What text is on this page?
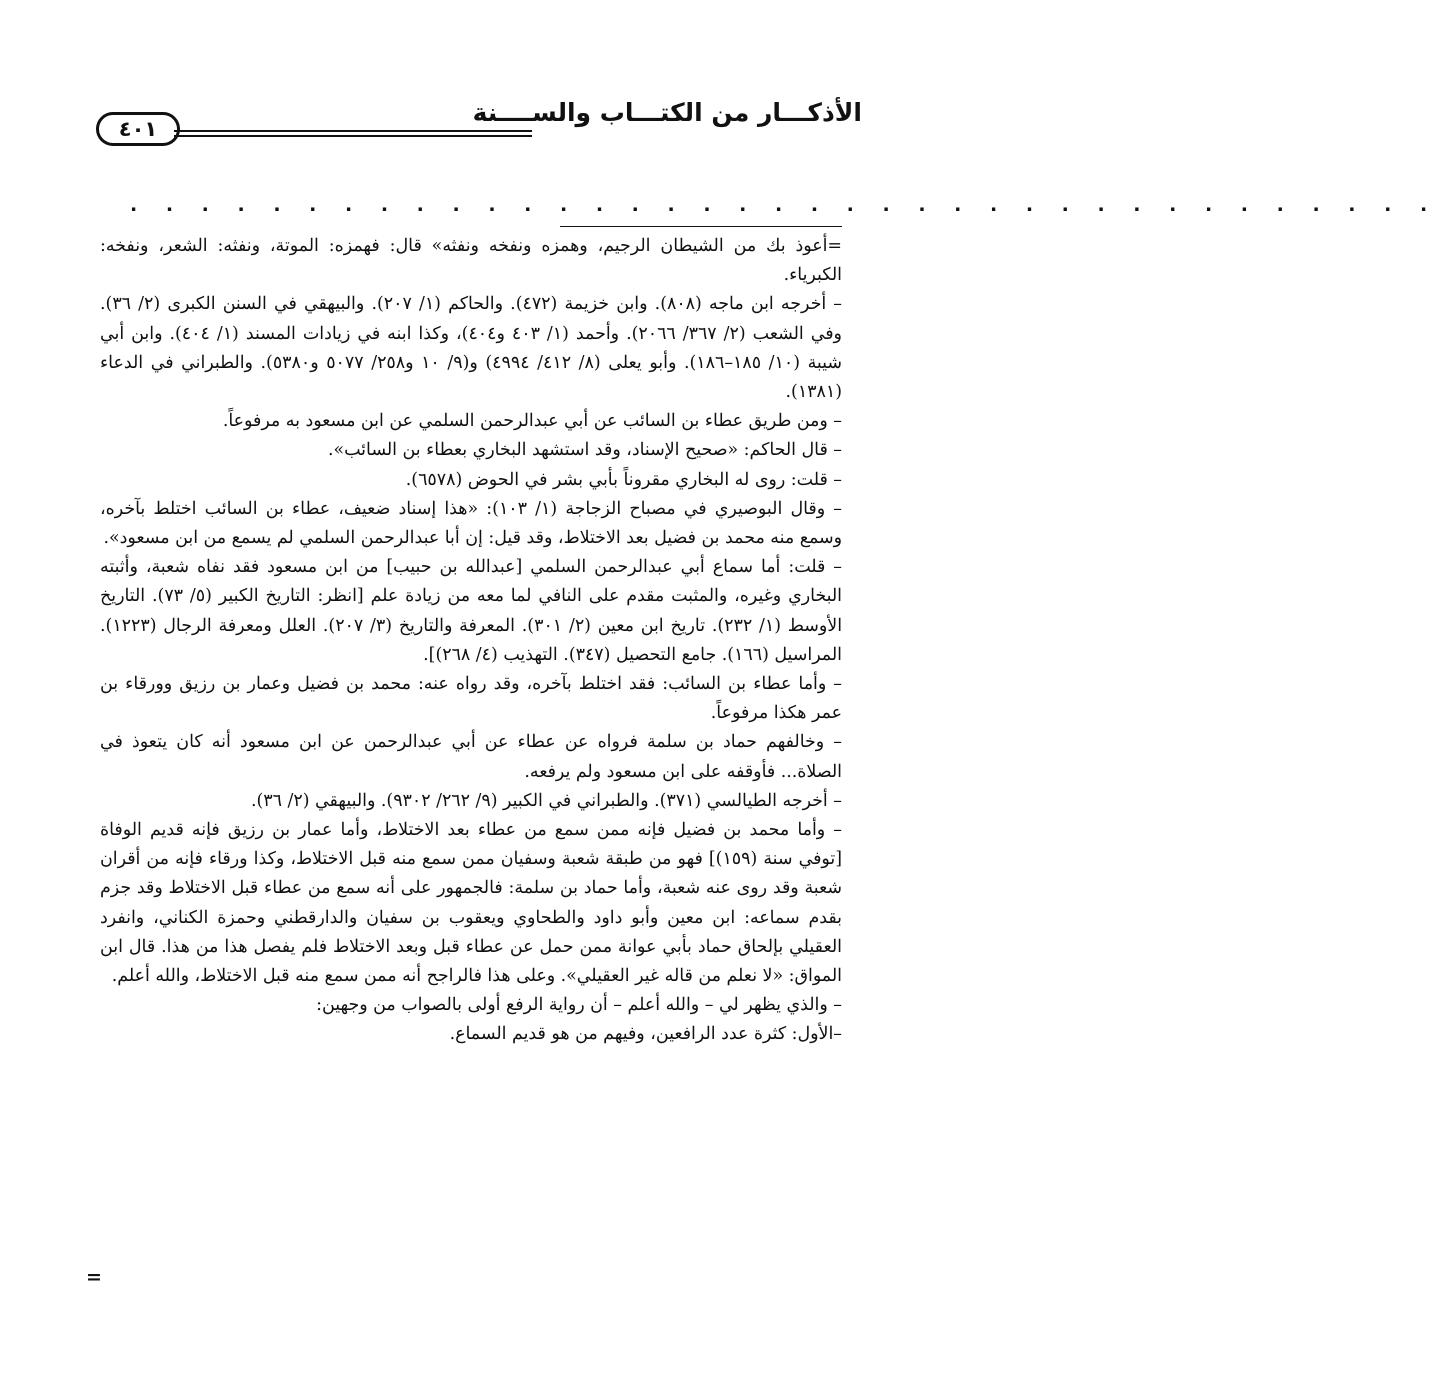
الأذكـــار من الكتـــاب والســــنة
٤٠١
. . . . . . . . . . . . . . . . . . . . . . . . . . . . . . . . . . . . .
=أعوذ بك من الشيطان الرجيم، وهمزه ونفخه ونفثه» قال: فهمزه: الموتة، ونفثه: الشعر، ونفخه: الكبرياء.
– أخرجه ابن ماجه (٨٠٨). وابن خزيمة (٤٧٢). والحاكم (١/ ٢٠٧). والبيهقي في السنن الكبرى (٢/ ٣٦). وفي الشعب (٢/ ٣٦٧/ ٢٠٦٦). وأحمد (١/ ٤٠٣ و٤٠٤)، وكذا ابنه في زيادات المسند (١/ ٤٠٤). وابن أبي شيبة (١٠/ ١٨٥–١٨٦). وأبو يعلى (٨/ ٤١٢/ ٤٩٩٤) و(٩/ ١٠ و٢٥٨/ ٥٠٧٧ و٥٣٨٠). والطبراني في الدعاء (١٣٨١).
– ومن طريق عطاء بن السائب عن أبي عبدالرحمن السلمي عن ابن مسعود به مرفوعاً.
– قال الحاكم: «صحيح الإسناد، وقد استشهد البخاري بعطاء بن السائب».
– قلت: روى له البخاري مقروناً بأبي بشر في الحوض (٦٥٧٨).
– وقال البوصيري في مصباح الزجاجة (١/ ١٠٣): «هذا إسناد ضعيف، عطاء بن السائب اختلط بآخره، وسمع منه محمد بن فضيل بعد الاختلاط، وقد قيل: إن أبا عبدالرحمن السلمي لم يسمع من ابن مسعود».
– قلت: أما سماع أبي عبدالرحمن السلمي [عبدالله بن حبيب] من ابن مسعود فقد نفاه شعبة، وأثبته البخاري وغيره، والمثبت مقدم على النافي لما معه من زيادة علم [انظر: التاريخ الكبير (٥/ ٧٣). التاريخ الأوسط (١/ ٢٣٢). تاريخ ابن معين (٢/ ٣٠١). المعرفة والتاريخ (٣/ ٢٠٧). العلل ومعرفة الرجال (١٢٢٣). المراسيل (١٦٦). جامع التحصيل (٣٤٧). التهذيب (٤/ ٢٦٨)].
– وأما عطاء بن السائب: فقد اختلط بآخره، وقد رواه عنه: محمد بن فضيل وعمار بن رزيق وورقاء بن عمر هكذا مرفوعاً.
– وخالفهم حماد بن سلمة فرواه عن عطاء عن أبي عبدالرحمن عن ابن مسعود أنه كان يتعوذ في الصلاة... فأوقفه على ابن مسعود ولم يرفعه.
– أخرجه الطيالسي (٣٧١). والطبراني في الكبير (٩/ ٢٦٢/ ٩٣٠٢). والبيهقي (٢/ ٣٦).
– وأما محمد بن فضيل فإنه ممن سمع من عطاء بعد الاختلاط، وأما عمار بن رزيق فإنه قديم الوفاة [توفي سنة (١٥٩)] فهو من طبقة شعبة وسفيان ممن سمع منه قبل الاختلاط، وكذا ورقاء فإنه من أقران شعبة وقد روى عنه شعبة، وأما حماد بن سلمة: فالجمهور على أنه سمع من عطاء قبل الاختلاط وقد جزم بقدم سماعه: ابن معين وأبو داود والطحاوي ويعقوب بن سفيان والدارقطني وحمزة الكناني، وانفرد العقيلي بإلحاق حماد بأبي عوانة ممن حمل عن عطاء قبل وبعد الاختلاط فلم يفصل هذا من هذا. قال ابن المواق: «لا نعلم من قاله غير العقيلي». وعلى هذا فالراجح أنه ممن سمع منه قبل الاختلاط، والله أعلم.
– والذي يظهر لي – والله أعلم – أن رواية الرفع أولى بالصواب من وجهين:
–الأول: كثرة عدد الرافعين، وفيهم من هو قديم السماع.
=
